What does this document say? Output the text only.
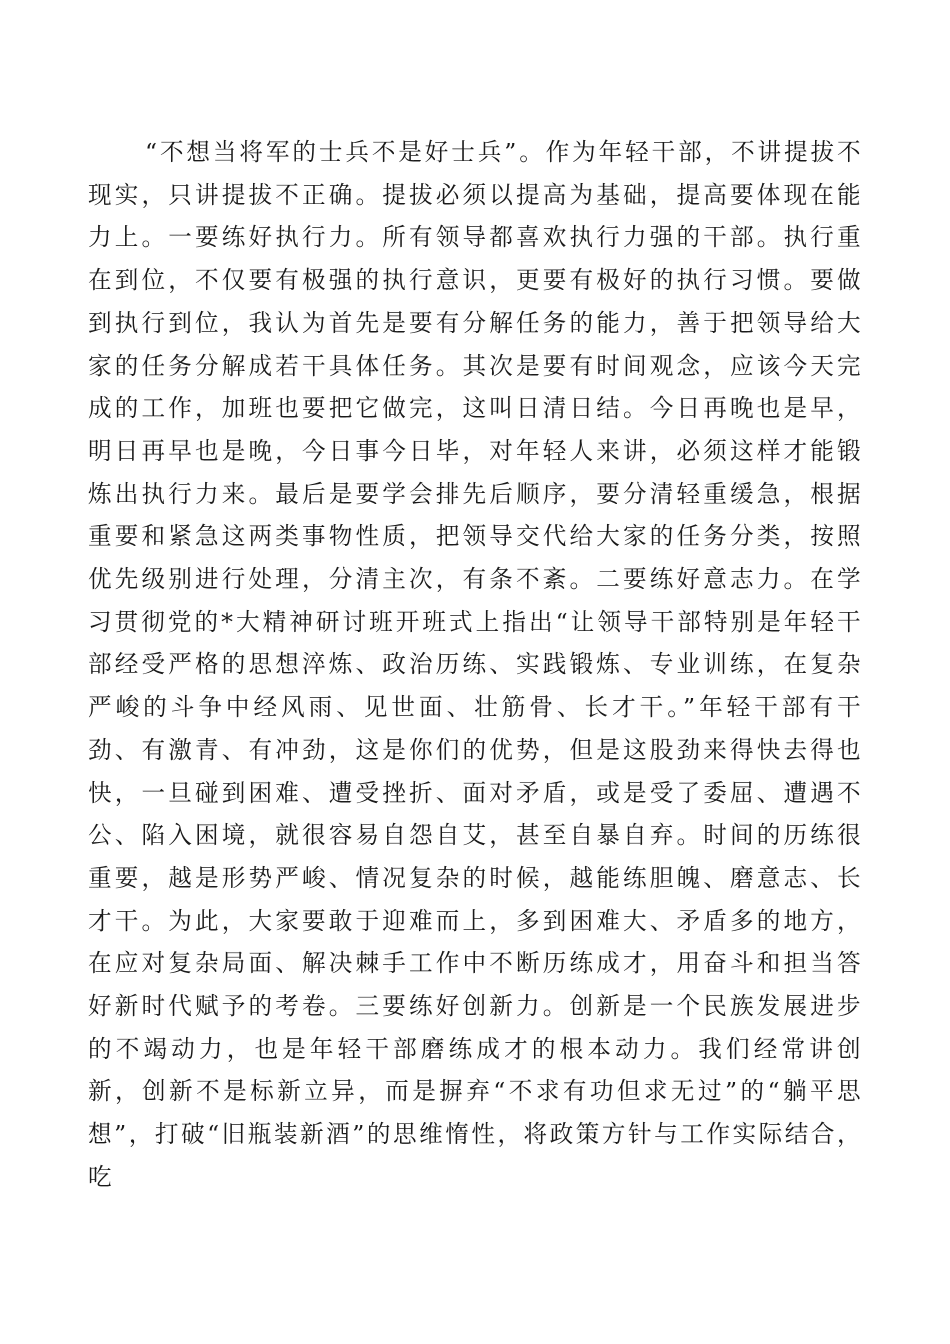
“不想当将军的士兵不是好士兵”。作为年轻干部，不讲提拔不现实，只讲提拔不正确。提拔必须以提高为基础，提高要体现在能力上。一要练好执行力。所有领导都喜欢执行力强的干部。执行重在到位，不仅要有极强的执行意识，更要有极好的执行习惯。要做到执行到位，我认为首先是要有分解任务的能力，善于把领导给大家的任务分解成若干具体任务。其次是要有时间观念，应该今天完成的工作，加班也要把它做完，这叫日清日结。今日再晚也是早，明日再早也是晚，今日事今日毕，对年轻人来讲，必须这样才能锻炼出执行力来。最后是要学会排先后顺序，要分清轻重缓急，根据重要和紧急这两类事物性质，把领导交代给大家的任务分类，按照优先级别进行处理，分清主次，有条不紊。二要练好意志力。在学习贯彻党的*大精神研讨班开班式上指出“让领导干部特别是年轻干部经受严格的思想淬炼、政治历练、实践锻炼、专业训练，在复杂严峻的斗争中经风雨、见世面、壮筋骨、长才干。”年轻干部有干劲、有激青、有冲劲，这是你们的优势，但是这股劲来得快去得也快，一旦碰到困难、遭受挫折、面对矛盾，或是受了委屈、遭遇不公、陷入困境，就很容易自怨自艾，甚至自暴自弃。时间的历练很重要，越是形势严峻、情况复杂的时候，越能练胆魄、磨意志、长才干。为此，大家要敢于迎难而上，多到困难大、矛盾多的地方，在应对复杂局面、解决棘手工作中不断历练成才，用奋斗和担当答好新时代赋予的考卷。三要练好创新力。创新是一个民族发展进步的不竭动力，也是年轻干部磨练成才的根本动力。我们经常讲创新，创新不是标新立异，而是摒弃“不求有功但求无过”的“躺平思想”，打破“旧瓶装新酒”的思维惰性，将政策方针与工作实际结合，吃
